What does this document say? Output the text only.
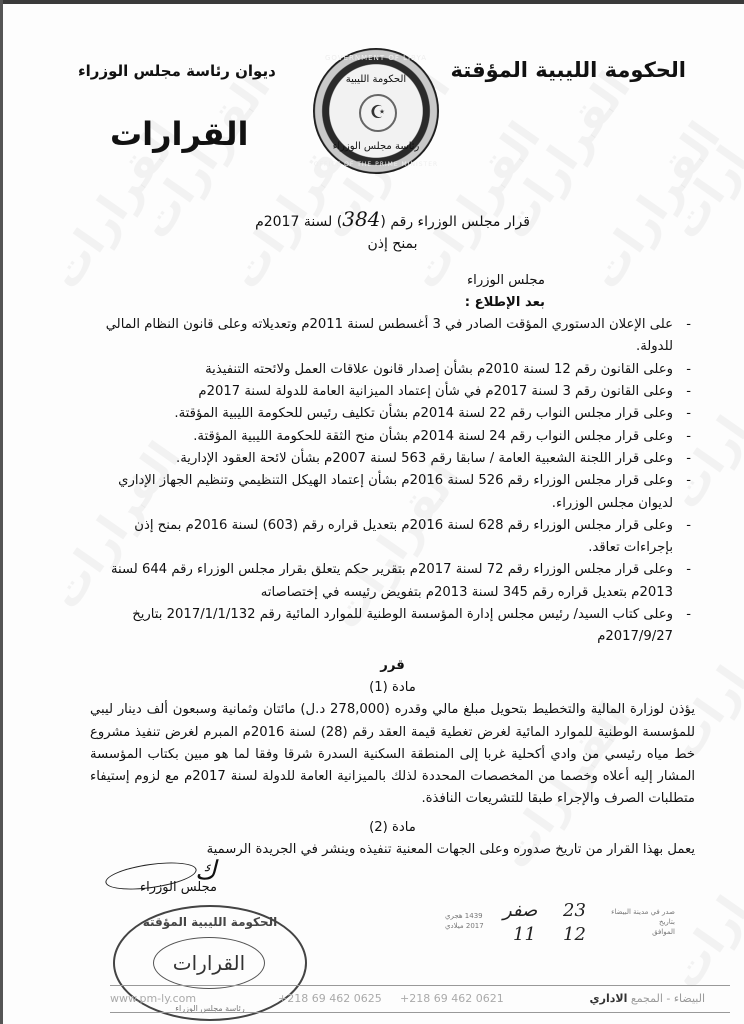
الحكومة الليبية المؤقتة
ديوان رئاسة مجلس الوزراء
القرارات
GOVERNMENT OF LIBYA
الحكومة الليبية
☪
رئاسة مجلس الوزراء
OFFICE OF THE PRIME MINISTER
قرار مجلس الوزراء رقم (384) لسنة 2017م
بمنح إذن
مجلس الوزراء
بعد الإطلاع :
- على الإعلان الدستوري المؤقت الصادر في 3 أغسطس لسنة 2011م وتعديلاته وعلى قانون النظام المالي للدولة.
- وعلى القانون رقم 12 لسنة 2010م بشأن إصدار قانون علاقات العمل ولائحته التنفيذية
- وعلى القانون رقم 3 لسنة 2017م في شأن إعتماد الميزانية العامة للدولة لسنة 2017م
- وعلى قرار مجلس النواب رقم 22 لسنة 2014م بشأن تكليف رئيس للحكومة الليبية المؤقتة.
- وعلى قرار مجلس النواب رقم 24 لسنة 2014م بشأن منح الثقة للحكومة الليبية المؤقتة.
- وعلى قرار اللجنة الشعبية العامة / سابقا رقم 563 لسنة 2007م بشأن لائحة العقود الإدارية.
- وعلى قرار مجلس الوزراء رقم 526 لسنة 2016م بشأن إعتماد الهيكل التنظيمي وتنظيم الجهاز الإداري لديوان مجلس الوزراء.
- وعلى قرار مجلس الوزراء رقم 628 لسنة 2016م بتعديل قراره رقم (603) لسنة 2016م بمنح إذن بإجراءات تعاقد.
- وعلى قرار مجلس الوزراء رقم 72 لسنة 2017م بتقرير حكم يتعلق بقرار مجلس الوزراء رقم 644 لسنة 2013م بتعديل قراره رقم 345 لسنة 2013م بتفويض رئيسه في إختصاصاته
- وعلى كتاب السيد/ رئيس مجلس إدارة المؤسسة الوطنية للموارد المائية رقم 2017/1/1/132 بتاريخ 2017/9/27م
قرر
مادة (1)
يؤذن لوزارة المالية والتخطيط بتحويل مبلغ مالي وقدره (278,000 د.ل) مائتان وثمانية وسبعون ألف دينار ليبي للمؤسسة الوطنية للموارد المائية لغرض تغطية قيمة العقد رقم (28) لسنة 2016م المبرم لغرض تنفيذ مشروع خط مياه رئيسي من وادي أكحلية غربا إلى المنطقة السكنية السدرة شرقا وفقا لما هو مبين بكتاب المؤسسة المشار إليه أعلاه وخصما من المخصصات المحددة لذلك بالميزانية العامة للدولة لسنة 2017م مع لزوم إستيفاء متطلبات الصرف والإجراء طبقا للتشريعات النافذة.
مادة (2)
يعمل بهذا القرار من تاريخ صدوره وعلى الجهات المعنية تنفيذه وينشر في الجريدة الرسمية
ك
مجلس الوزراء
الحكومة الليبية المؤقتة
القرارات
رئاسة مجلس الوزراء
صدر في مدينة البيضاء
بتاريخ
الموافق
23
صفر
12
11
1439 هجري
2017 ميلادي
www.pm-ly.com	+218 69 462 0625 +218 69 462 0621	البيضاء - المجمع الاداري
